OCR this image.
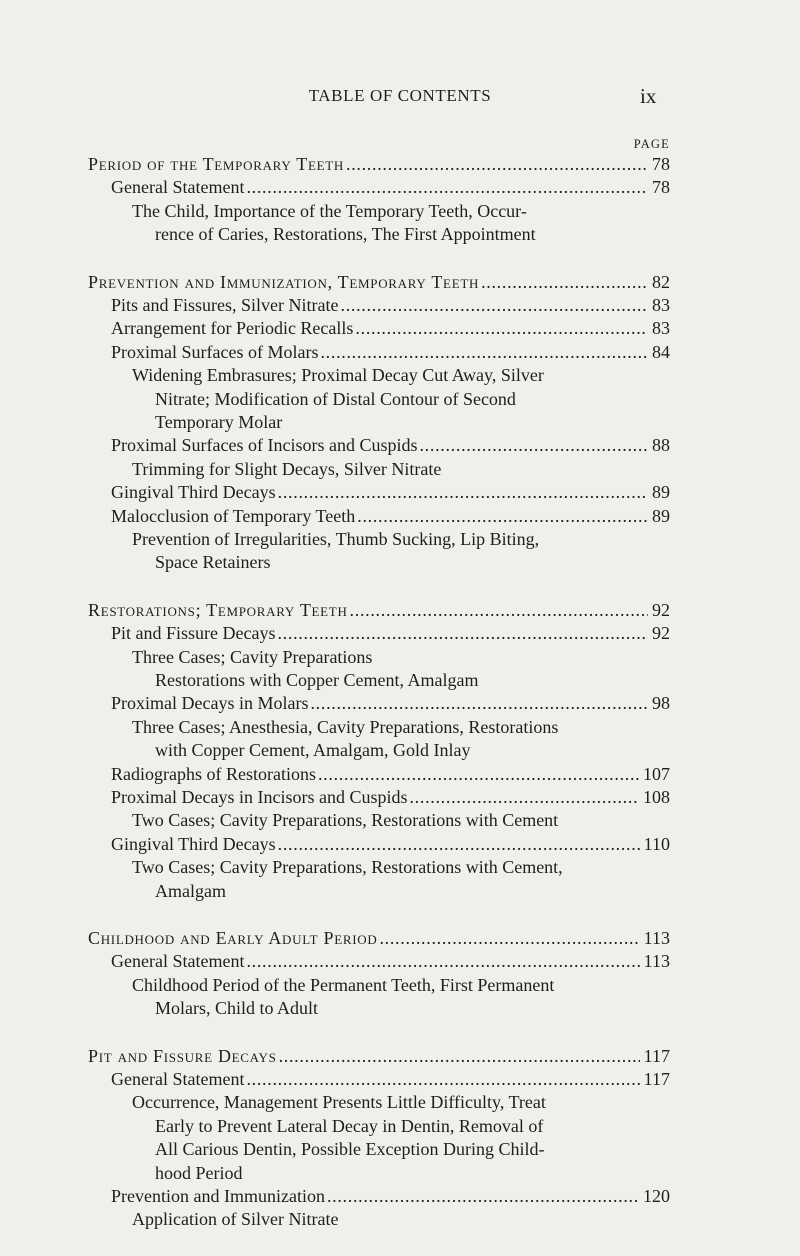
TABLE OF CONTENTS	ix
PAGE
Period of the Temporary Teeth . . .	78
General Statement . . .	78
The Child, Importance of the Temporary Teeth, Occur-
rence of Caries, Restorations, The First Appointment
Prevention and Immunization, Temporary Teeth . . .	82
Pits and Fissures, Silver Nitrate . . .	83
Arrangement for Periodic Recalls . . .	83
Proximal Surfaces of Molars . . .	84
Widening Embrasures; Proximal Decay Cut Away, Silver
Nitrate; Modification of Distal Contour of Second
Temporary Molar
Proximal Surfaces of Incisors and Cuspids . . .	88
Trimming for Slight Decays, Silver Nitrate
Gingival Third Decays . . .	89
Malocclusion of Temporary Teeth . . .	89
Prevention of Irregularities, Thumb Sucking, Lip Biting,
Space Retainers
Restorations; Temporary Teeth . . .	92
Pit and Fissure Decays . . .	92
Three Cases; Cavity Preparations
Restorations with Copper Cement, Amalgam
Proximal Decays in Molars . . .	98
Three Cases; Anesthesia, Cavity Preparations, Restorations
with Copper Cement, Amalgam, Gold Inlay
Radiographs of Restorations . . .	107
Proximal Decays in Incisors and Cuspids . . .	108
Two Cases; Cavity Preparations, Restorations with Cement
Gingival Third Decays . . .	110
Two Cases; Cavity Preparations, Restorations with Cement,
Amalgam
Childhood and Early Adult Period . . .	113
General Statement . . .	113
Childhood Period of the Permanent Teeth, First Permanent
Molars, Child to Adult
Pit and Fissure Decays . . .	117
General Statement . . .	117
Occurrence, Management Presents Little Difficulty, Treat
Early to Prevent Lateral Decay in Dentin, Removal of
All Carious Dentin, Possible Exception During Child-
hood Period
Prevention and Immunization . . .	120
Application of Silver Nitrate
